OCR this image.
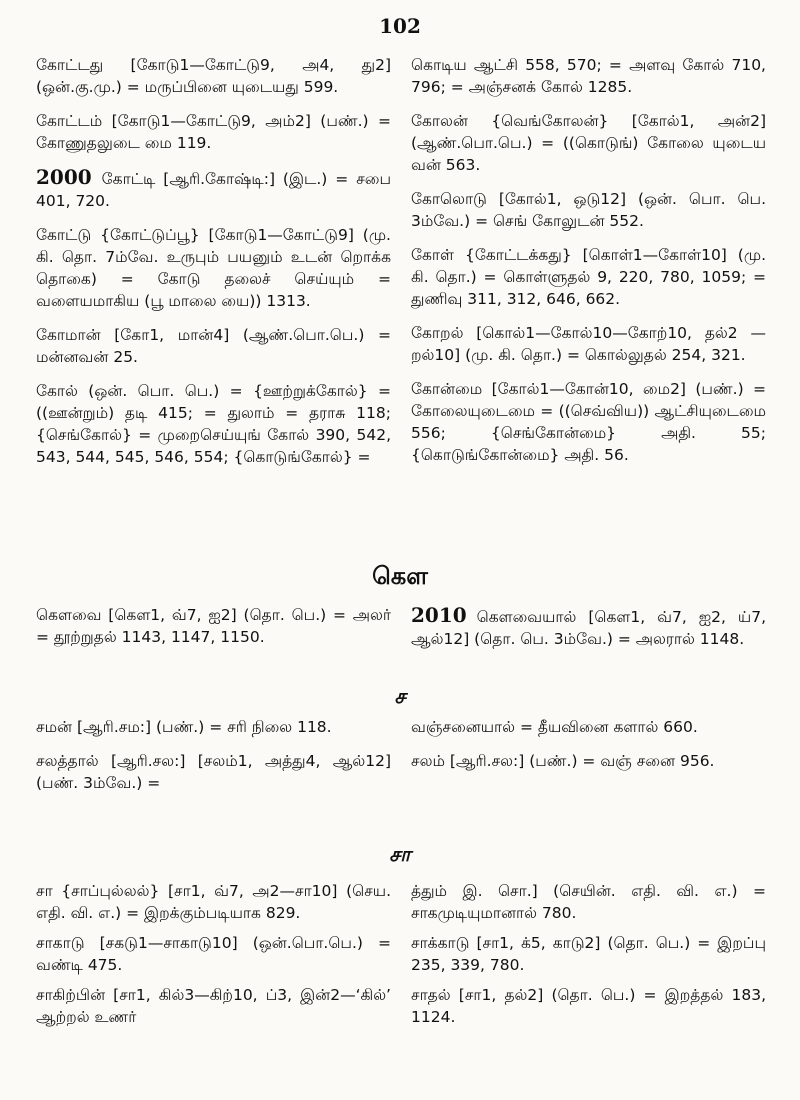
102
கோட்டது [கோடு1—கோட்டு9, அ4, து2] (ஒன்.கு.மு.) = மருப்பினை யுடையது 599.
கோட்டம் [கோடு1—கோட்டு9, அம்2] (பண்.) = கோணுதலுடை மை 119.
2000 கோட்டி [ஆரி.கோஷ்டி:] (இட.) = சபை 401, 720.
கோட்டு {கோட்டுப்பூ} [கோடு1—கோட்டு9] (மு. கி. தொ. 7ம்வே. உருபும் பயனும் உடன் றொக்க தொகை) = கோடு தலைச் செய்யும் = வளையமாகிய (பூ மாலை யை)) 1313.
கோமான் [கோ1, மான்4] (ஆண்.பொ.பெ.) = மன்னவன் 25.
கோல் (ஒன். பொ. பெ.) = {ஊற்றுக்கோல்} = ((ஊன்றும்) தடி 415; = துலாம் = தராசு 118; {செங்கோல்} = முறைசெய்யுங் கோல் 390, 542, 543, 544, 545, 546, 554; {கொடுங்கோல்} =
கொடிய ஆட்சி 558, 570; = அளவு கோல் 710, 796; = அஞ்சனக் கோல் 1285.
கோலன் {வெங்கோலன்} [கோல்1, அன்2] (ஆண்.பொ.பெ.) = ((கொடுங்) கோலை யுடைய வன் 563.
கோலொடு [கோல்1, ஒடு12] (ஒன். பொ. பெ. 3ம்வே.) = செங் கோலுடன் 552.
கோள் {கோட்டக்கது} [கொள்1—கோள்10] (மு. கி. தொ.) = கொள்ளுதல் 9, 220, 780, 1059; = துணிவு 311, 312, 646, 662.
கோறல் [கொல்1—கோல்10—கோற்10, தல்2 — றல்10] (மு. கி. தொ.) = கொல்லுதல் 254, 321.
கோன்மை [கோல்1—கோன்10, மை2] (பண்.) = கோலையுடைமை = ((செவ்விய)) ஆட்சியுடைமை 556; {செங்கோன்மை} அதி. 55; {கொடுங்கோன்மை} அதி. 56.
கௌ
கௌவை [கௌ1, வ்7, ஐ2] (தொ. பெ.) = அலர் = தூற்றுதல் 1143, 1147, 1150.
2010 கௌவையால் [கௌ1, வ்7, ஐ2, ய்7, ஆல்12] (தொ. பெ. 3ம்வே.) = அலரால் 1148.
ச
சமன் [ஆரி.சம:] (பண்.) = சரி நிலை 118.
சலத்தால் [ஆரி.சல:] [சலம்1, அத்து4, ஆல்12] (பண். 3ம்வே.) =
வஞ்சனையால் = தீயவினை களால் 660.
சலம் [ஆரி.சல:] (பண்.) = வஞ் சனை 956.
சா
சா {சாப்புல்லல்} [சா1, வ்7, அ2—சா10] (செய. எதி. வி. எ.) = இறக்கும்படியாக 829.
சாகாடு [சகடு1—சாகாடு10] (ஒன்.பொ.பெ.) = வண்டி 475.
சாகிற்பின் [சா1, கில்3—கிற்10, ப்3, இன்2—‘கில்’ ஆற்றல் உணர்
த்தும் இ. சொ.] (செயின். எதி. வி. எ.) = சாகமுடியுமானால் 780.
சாக்காடு [சா1, க்5, காடு2] (தொ. பெ.) = இறப்பு 235, 339, 780.
சாதல் [சா1, தல்2] (தொ. பெ.) = இறத்தல் 183, 1124.
